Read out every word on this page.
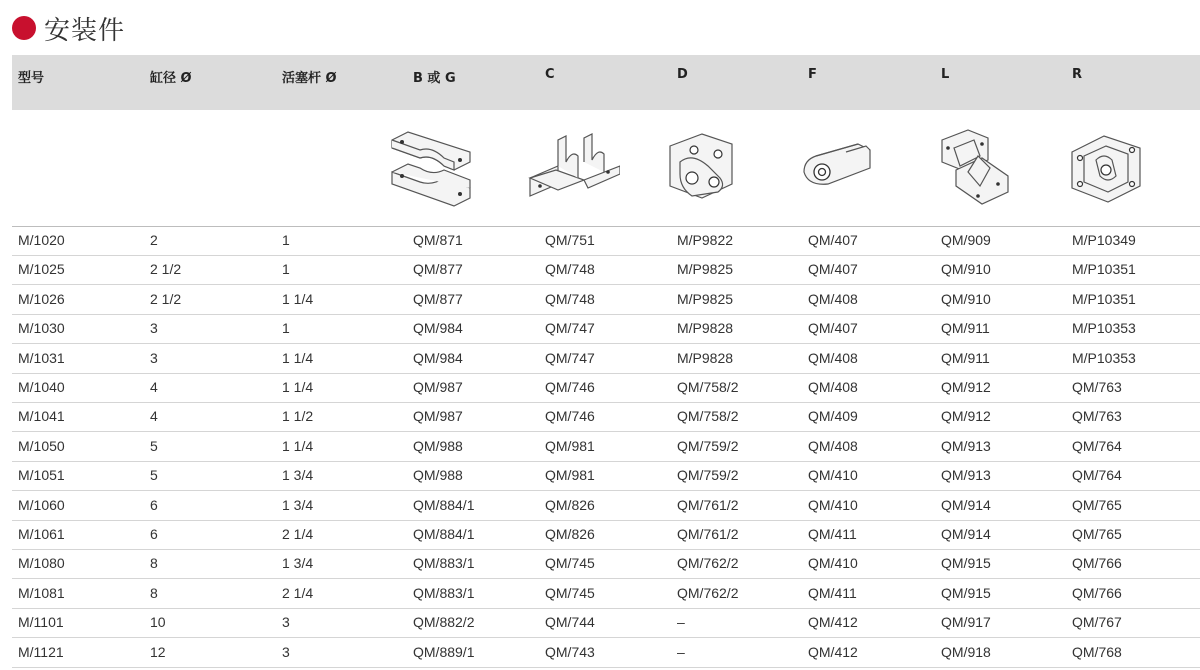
安装件
型号	缸径 Ø	活塞杆 Ø	B 或 G	C	D	F	L	R
M/1020	2	1	QM/871	QM/751	M/P9822	QM/407	QM/909	M/P10349
M/1025	2 1/2	1	QM/877	QM/748	M/P9825	QM/407	QM/910	M/P10351
M/1026	2 1/2	1 1/4	QM/877	QM/748	M/P9825	QM/408	QM/910	M/P10351
M/1030	3	1	QM/984	QM/747	M/P9828	QM/407	QM/911	M/P10353
M/1031	3	1 1/4	QM/984	QM/747	M/P9828	QM/408	QM/911	M/P10353
M/1040	4	1 1/4	QM/987	QM/746	QM/758/2	QM/408	QM/912	QM/763
M/1041	4	1 1/2	QM/987	QM/746	QM/758/2	QM/409	QM/912	QM/763
M/1050	5	1 1/4	QM/988	QM/981	QM/759/2	QM/408	QM/913	QM/764
M/1051	5	1 3/4	QM/988	QM/981	QM/759/2	QM/410	QM/913	QM/764
M/1060	6	1 3/4	QM/884/1	QM/826	QM/761/2	QM/410	QM/914	QM/765
M/1061	6	2 1/4	QM/884/1	QM/826	QM/761/2	QM/411	QM/914	QM/765
M/1080	8	1 3/4	QM/883/1	QM/745	QM/762/2	QM/410	QM/915	QM/766
M/1081	8	2 1/4	QM/883/1	QM/745	QM/762/2	QM/411	QM/915	QM/766
M/1101	10	3	QM/882/2	QM/744	–	QM/412	QM/917	QM/767
M/1121	12	3	QM/889/1	QM/743	–	QM/412	QM/918	QM/768
